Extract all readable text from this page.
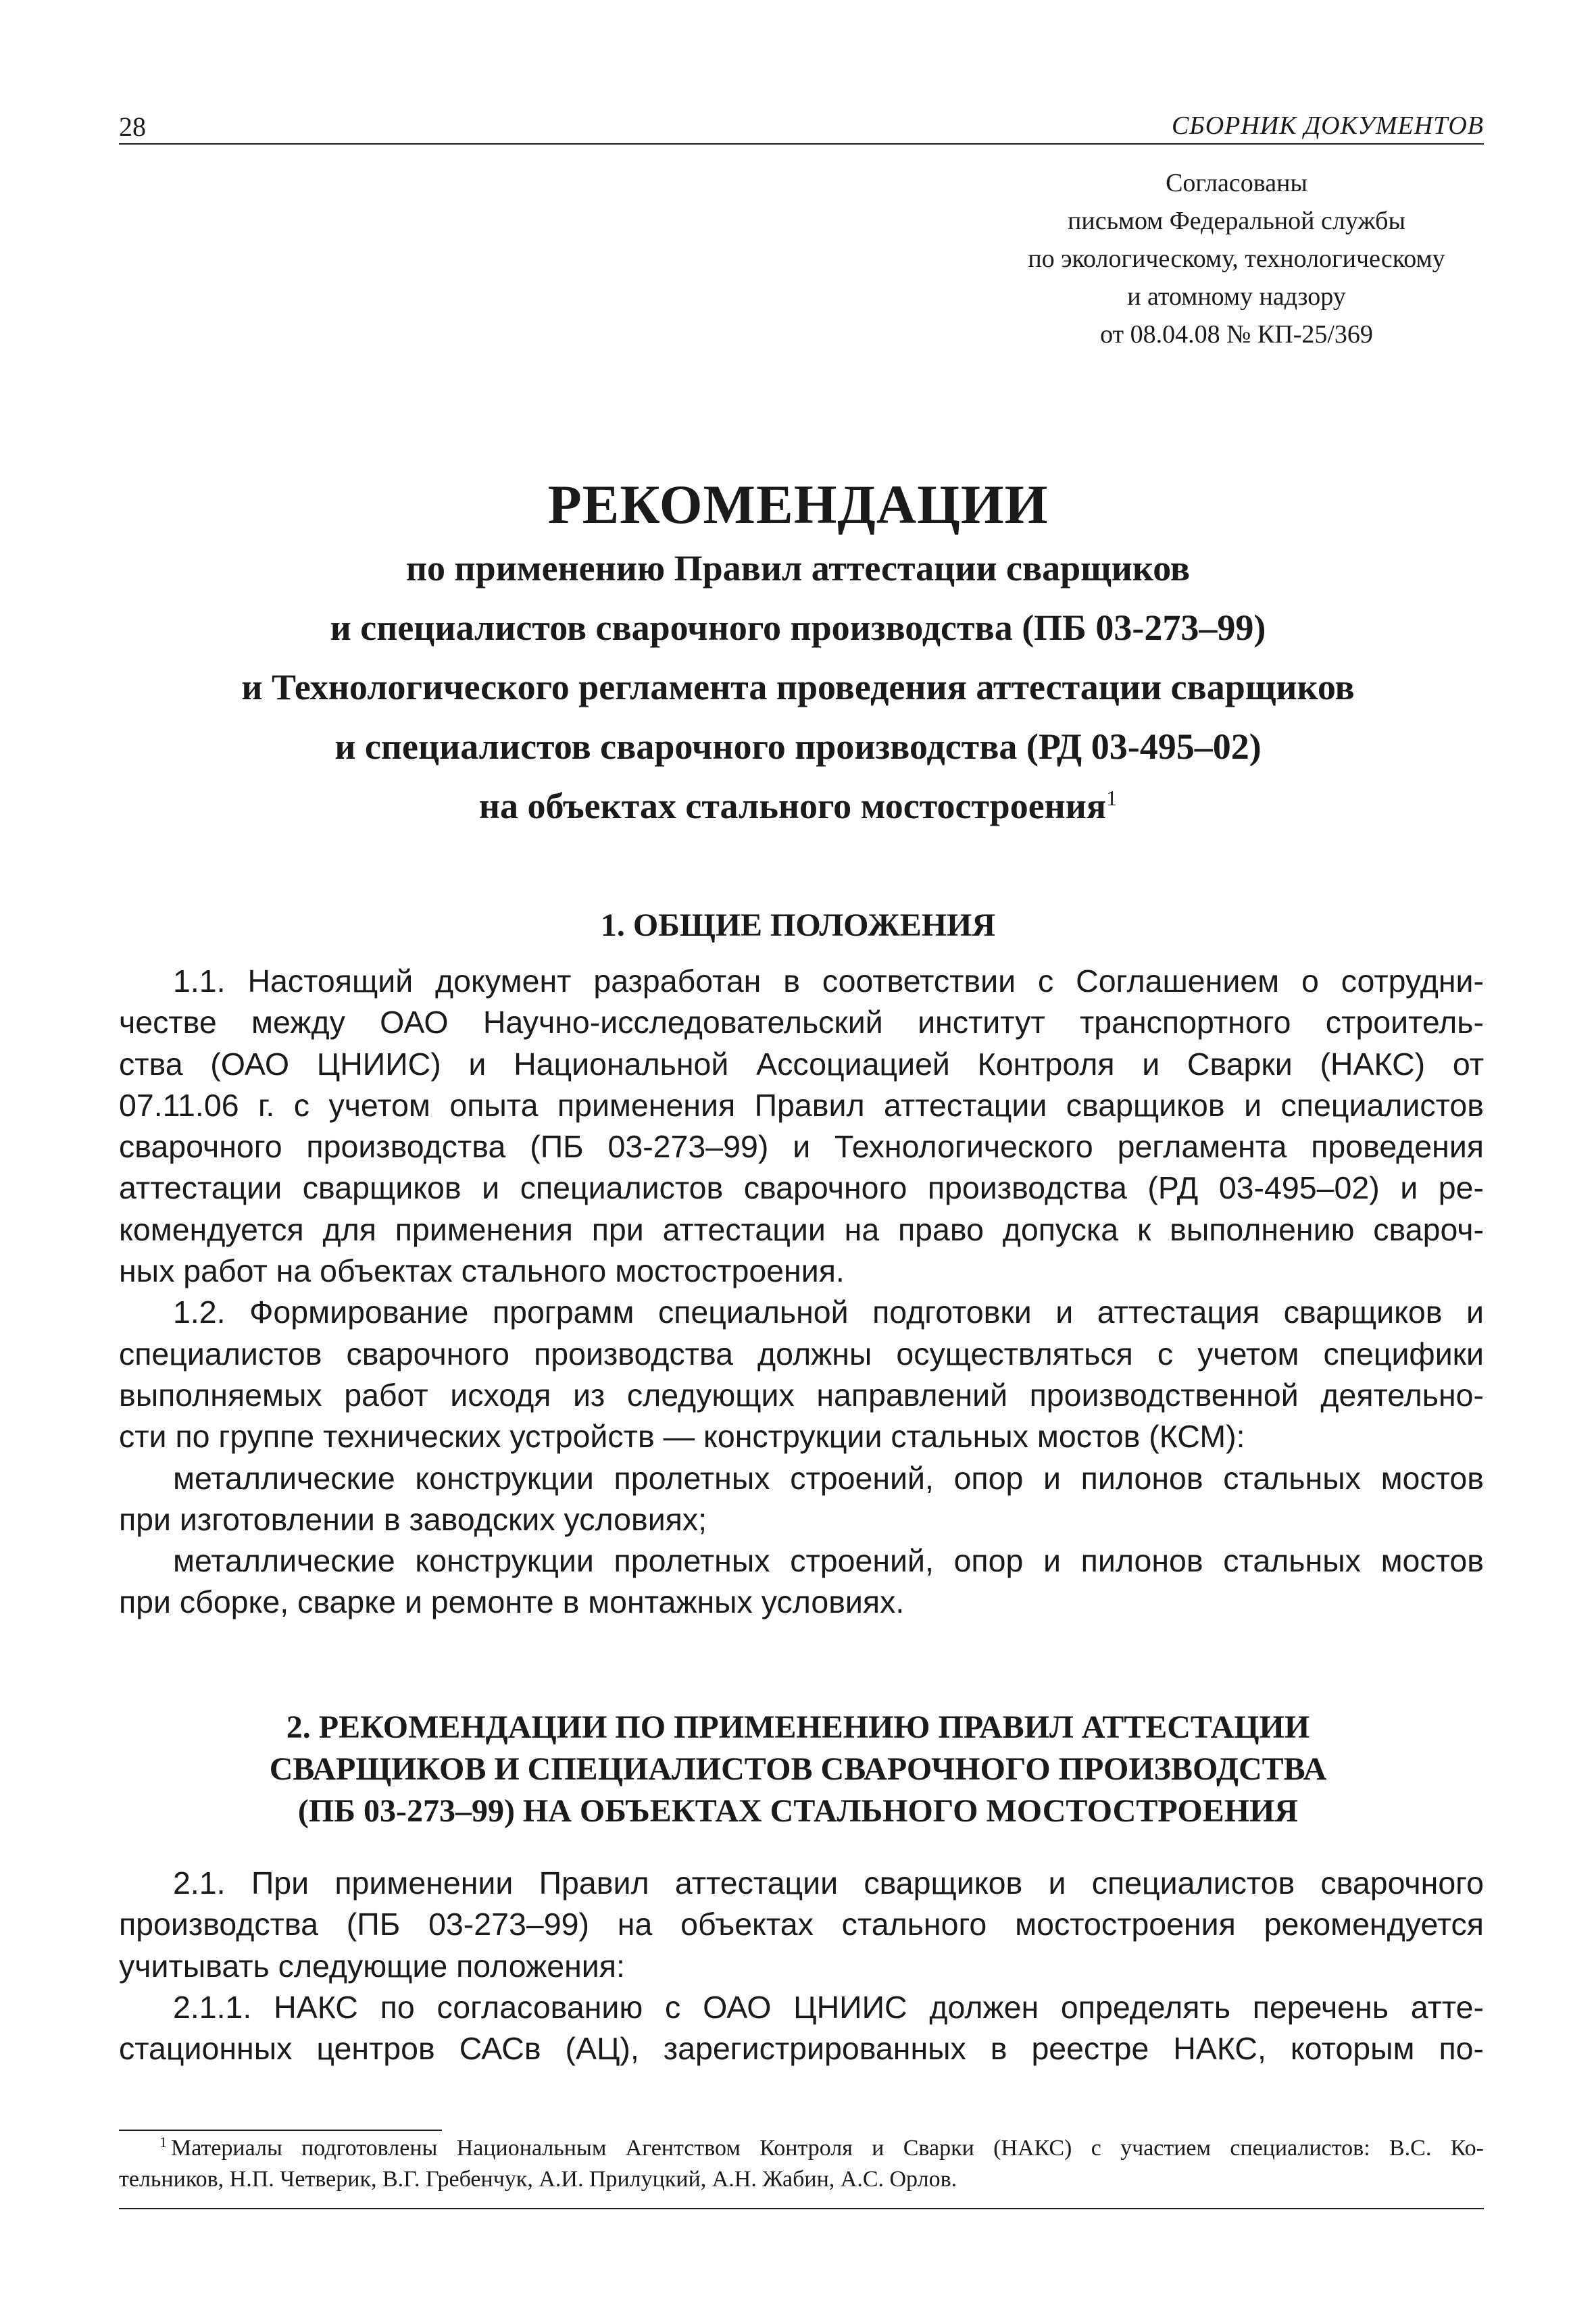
28	СБОРНИК ДОКУМЕНТОВ
Согласованы
письмом Федеральной службы
по экологическому, технологическому
и атомному надзору
от 08.04.08 № КП-25/369
РЕКОМЕНДАЦИИ
по применению Правил аттестации сварщиков
и специалистов сварочного производства (ПБ 03-273–99)
и Технологического регламента проведения аттестации сварщиков
и специалистов сварочного производства (РД 03-495–02)
на объектах стального мостостроения$^1$
1. ОБЩИЕ ПОЛОЖЕНИЯ
1.1. Настоящий документ разработан в соответствии с Соглашением о сотрудни-
честве между ОАО Научно-исследовательский институт транспортного строитель-
ства (ОАО ЦНИИС) и Национальной Ассоциацией Контроля и Сварки (НАКС) от
07.11.06 г. с учетом опыта применения Правил аттестации сварщиков и специалистов
сварочного производства (ПБ 03-273–99) и Технологического регламента проведения
аттестации сварщиков и специалистов сварочного производства (РД 03-495–02) и ре-
комендуется для применения при аттестации на право допуска к выполнению свароч-
ных работ на объектах стального мостостроения.
1.2. Формирование программ специальной подготовки и аттестация сварщиков и
специалистов сварочного производства должны осуществляться с учетом специфики
выполняемых работ исходя из следующих направлений производственной деятельно-
сти по группе технических устройств — конструкции стальных мостов (КСМ):
металлические конструкции пролетных строений, опор и пилонов стальных мостов
при изготовлении в заводских условиях;
металлические конструкции пролетных строений, опор и пилонов стальных мостов
при сборке, сварке и ремонте в монтажных условиях.
2. РЕКОМЕНДАЦИИ ПО ПРИМЕНЕНИЮ ПРАВИЛ АТТЕСТАЦИИ
СВАРЩИКОВ И СПЕЦИАЛИСТОВ СВАРОЧНОГО ПРОИЗВОДСТВА
(ПБ 03-273–99) НА ОБЪЕКТАХ СТАЛЬНОГО МОСТОСТРОЕНИЯ
2.1. При применении Правил аттестации сварщиков и специалистов сварочного
производства (ПБ 03-273–99) на объектах стального мостостроения рекомендуется
учитывать следующие положения:
2.1.1. НАКС по согласованию с ОАО ЦНИИС должен определять перечень атте-
стационных центров САСв (АЦ), зарегистрированных в реестре НАКС, которым по-
$^1$ Материалы подготовлены Национальным Агентством Контроля и Сварки (НАКС) с участием специалистов: В.С. Ко-
тельников, Н.П. Четверик, В.Г. Гребенчук, А.И. Прилуцкий, А.Н. Жабин, А.С. Орлов.
